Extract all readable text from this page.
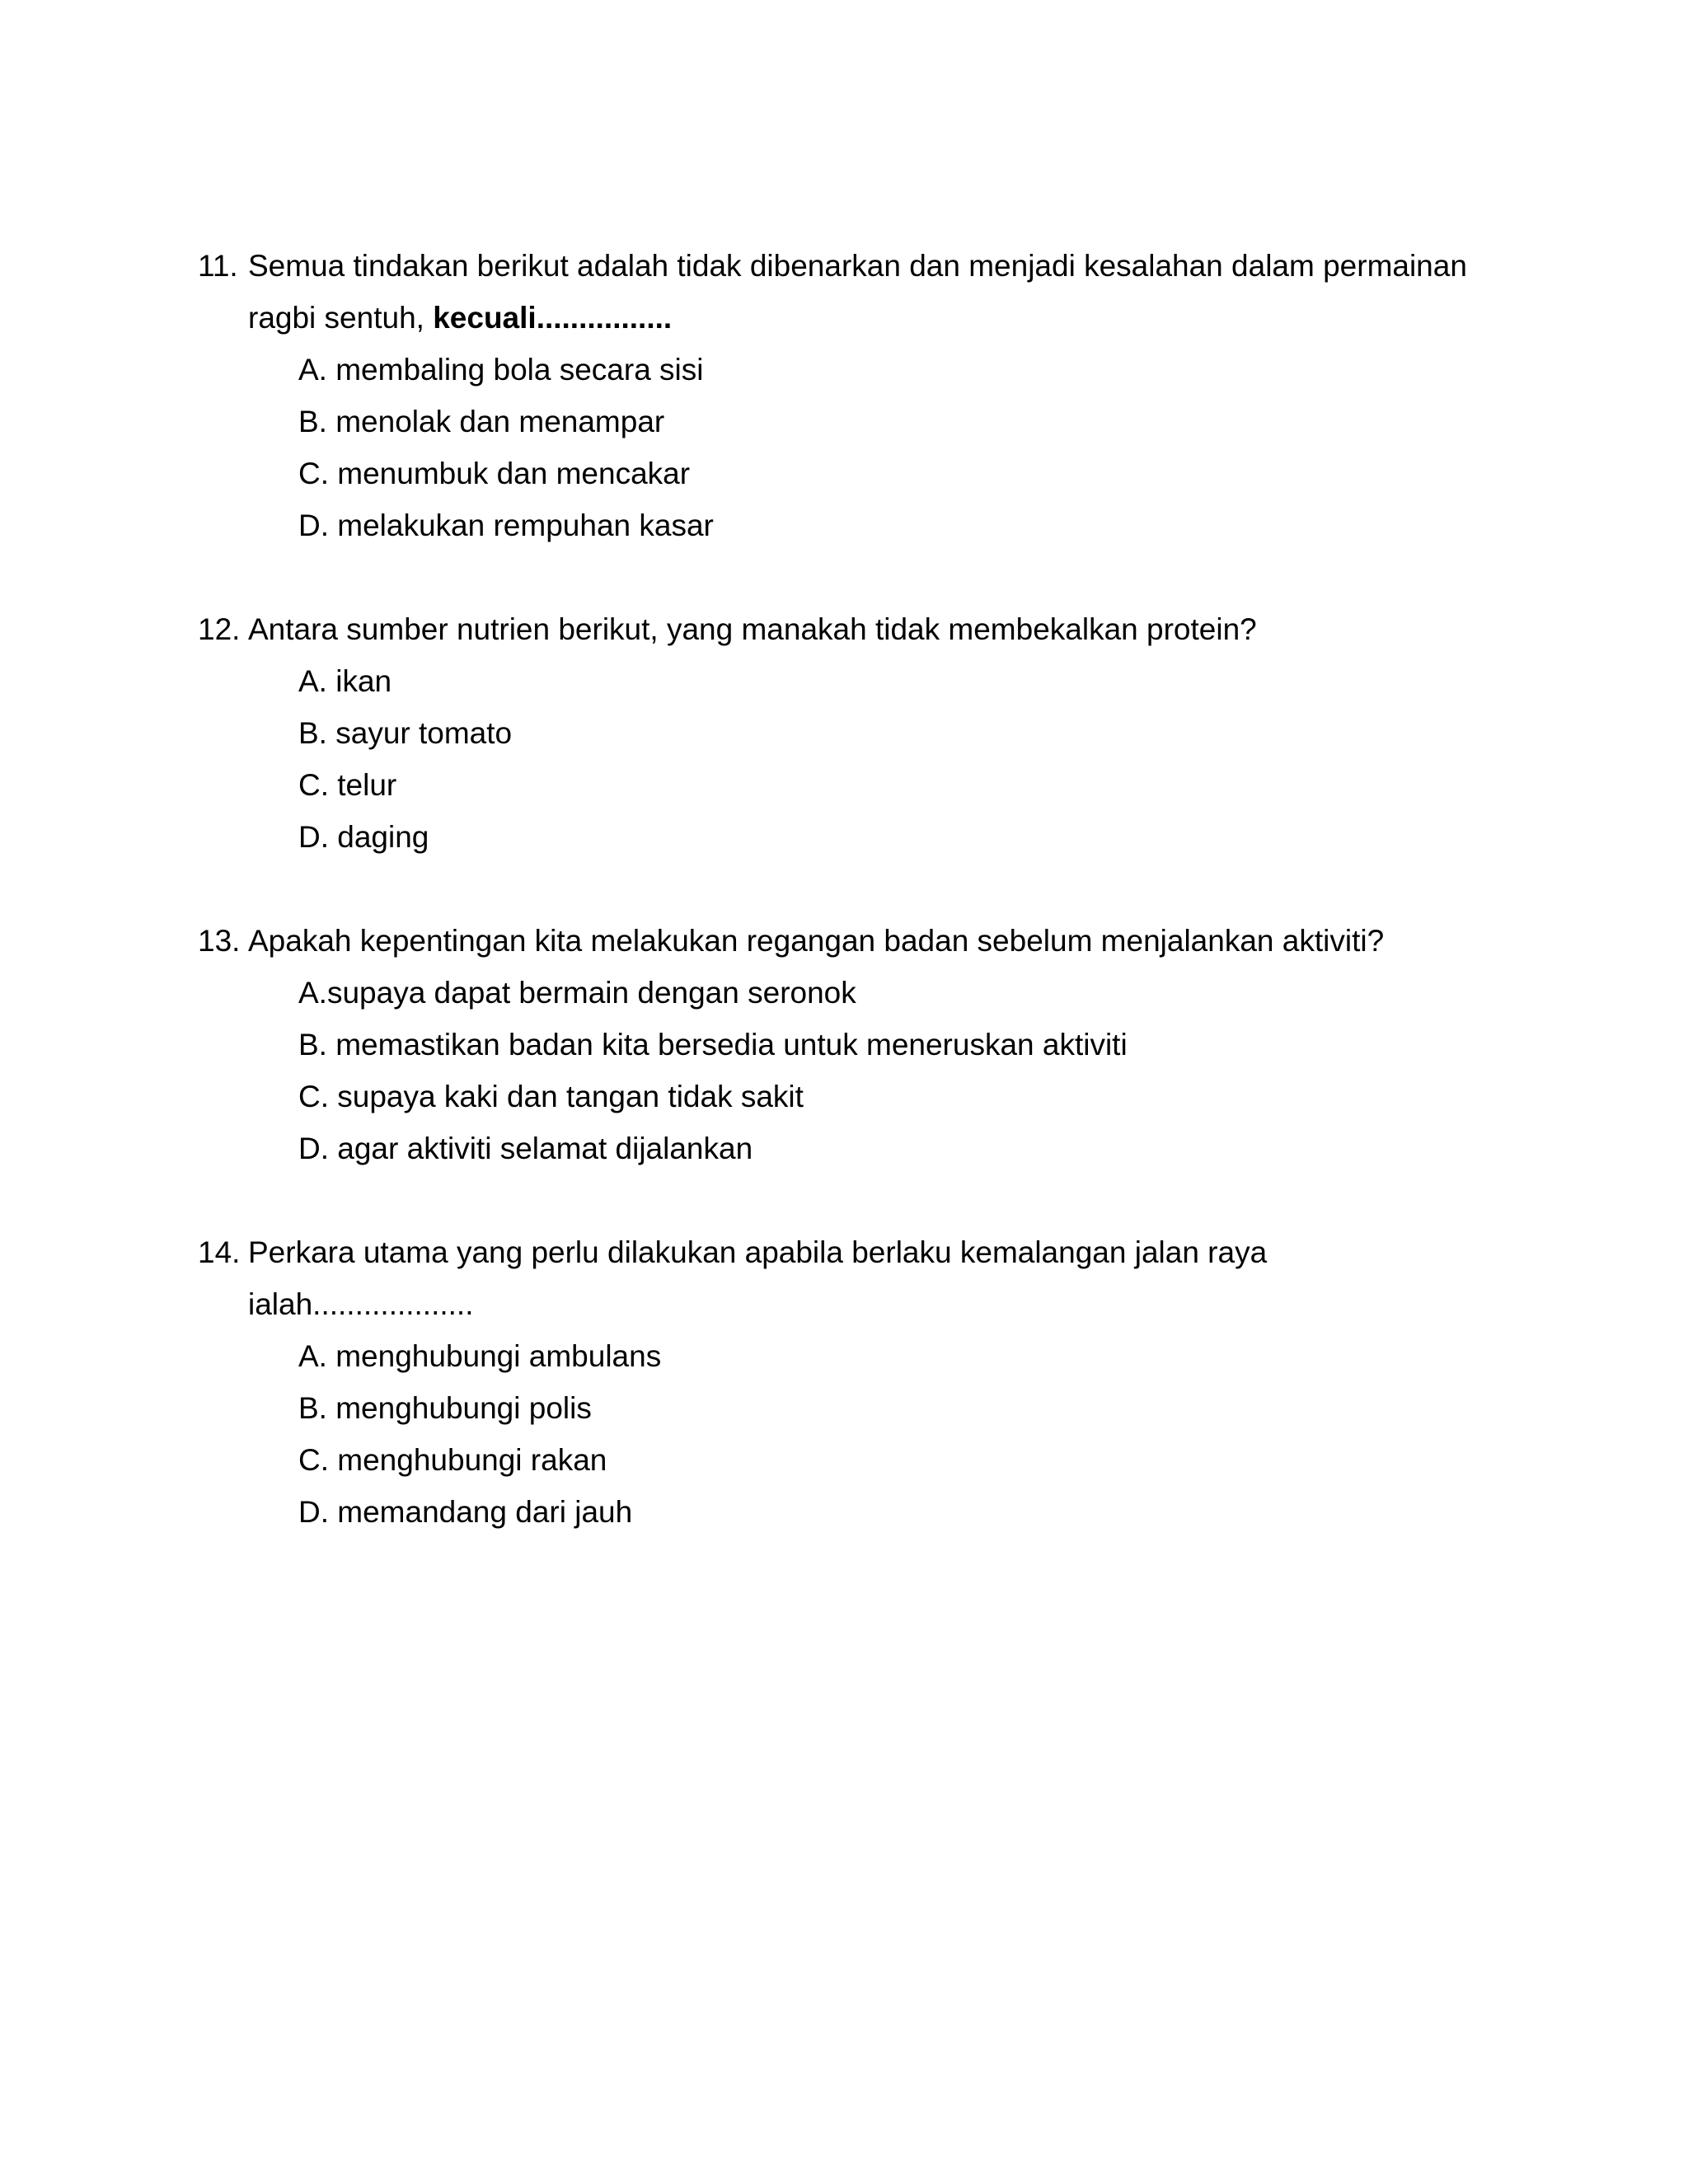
11. Semua tindakan berikut adalah tidak dibenarkan dan menjadi kesalahan dalam permainan ragbi sentuh, kecuali................
A. membaling bola secara sisi
B. menolak dan menampar
C. menumbuk dan mencakar
D. melakukan rempuhan kasar
12. Antara sumber nutrien berikut, yang manakah tidak membekalkan protein?
A. ikan
B. sayur tomato
C. telur
D. daging
13. Apakah kepentingan kita melakukan regangan badan sebelum menjalankan aktiviti?
A.supaya dapat bermain dengan seronok
B. memastikan badan kita bersedia untuk meneruskan aktiviti
C. supaya kaki dan tangan tidak sakit
D. agar aktiviti selamat dijalankan
14. Perkara utama yang perlu dilakukan apabila berlaku kemalangan jalan raya ialah...................
A. menghubungi ambulans
B. menghubungi polis
C. menghubungi rakan
D. memandang dari jauh
